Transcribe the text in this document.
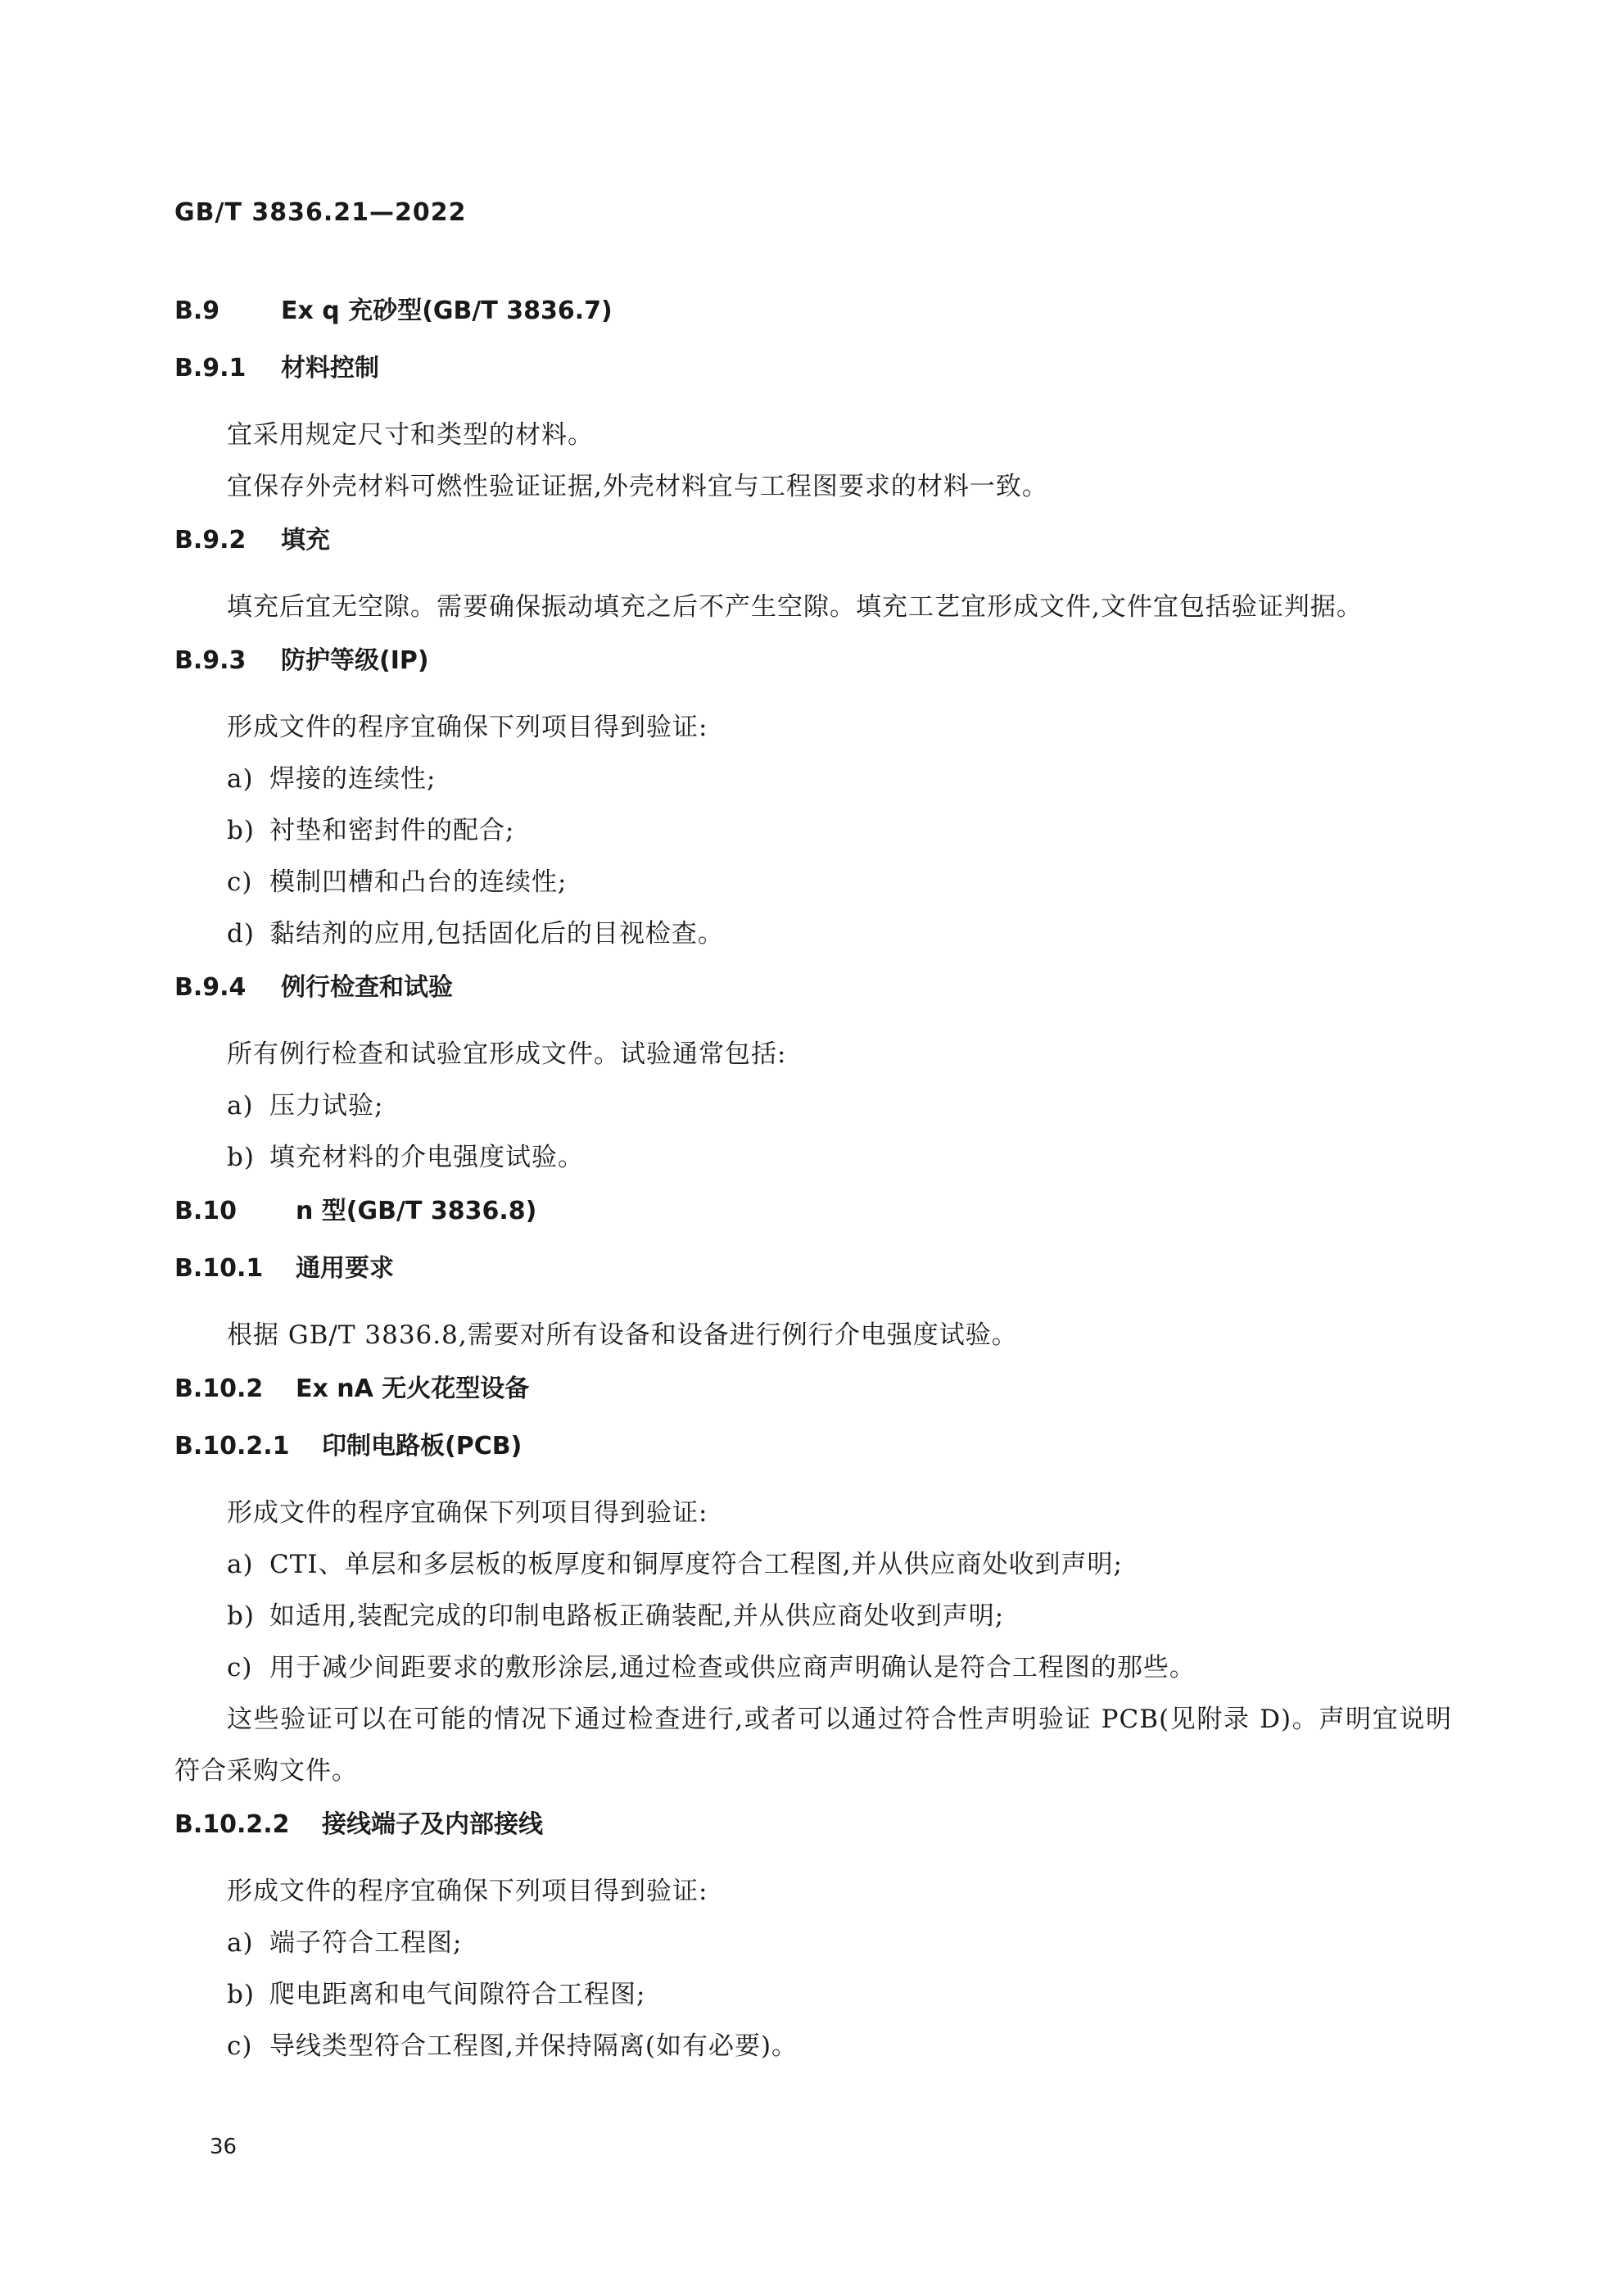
GB/T 3836.21—2022
B.9 Ex q 充砂型(GB/T 3836.7)
B.9.1 材料控制

宜采用规定尺寸和类型的材料。

宜保存外壳材料可燃性验证证据,外壳材料宜与工程图要求的材料一致。

B.9.2 填充

填充后宜无空隙。需要确保振动填充之后不产生空隙。填充工艺宜形成文件,文件宜包括验证判据。

B.9.3 防护等级(IP)

形成文件的程序宜确保下列项目得到验证:

a) 焊接的连续性;
b) 衬垫和密封件的配合;
c) 模制凹槽和凸台的连续性;
d) 黏结剂的应用,包括固化后的目视检查。
B.9.4 例行检查和试验

所有例行检查和试验宜形成文件。试验通常包括:

a) 压力试验;
b) 填充材料的介电强度试验。
B.10 n 型(GB/T 3836.8)
B.10.1 通用要求

根据 GB/T 3836.8,需要对所有设备和设备进行例行介电强度试验。

B.10.2 Ex nA 无火花型设备
B.10.2.1 印制电路板(PCB)

形成文件的程序宜确保下列项目得到验证:

a) CTI、单层和多层板的板厚度和铜厚度符合工程图,并从供应商处收到声明;
b) 如适用,装配完成的印制电路板正确装配,并从供应商处收到声明;
c) 用于减少间距要求的敷形涂层,通过检查或供应商声明确认是符合工程图的那些。

这些验证可以在可能的情况下通过检查进行,或者可以通过符合性声明验证 PCB(见附录 D)。声明宜说明符合采购文件。

B.10.2.2 接线端子及内部接线

形成文件的程序宜确保下列项目得到验证:

a) 端子符合工程图;
b) 爬电距离和电气间隙符合工程图;
c) 导线类型符合工程图,并保持隔离(如有必要)。
36
